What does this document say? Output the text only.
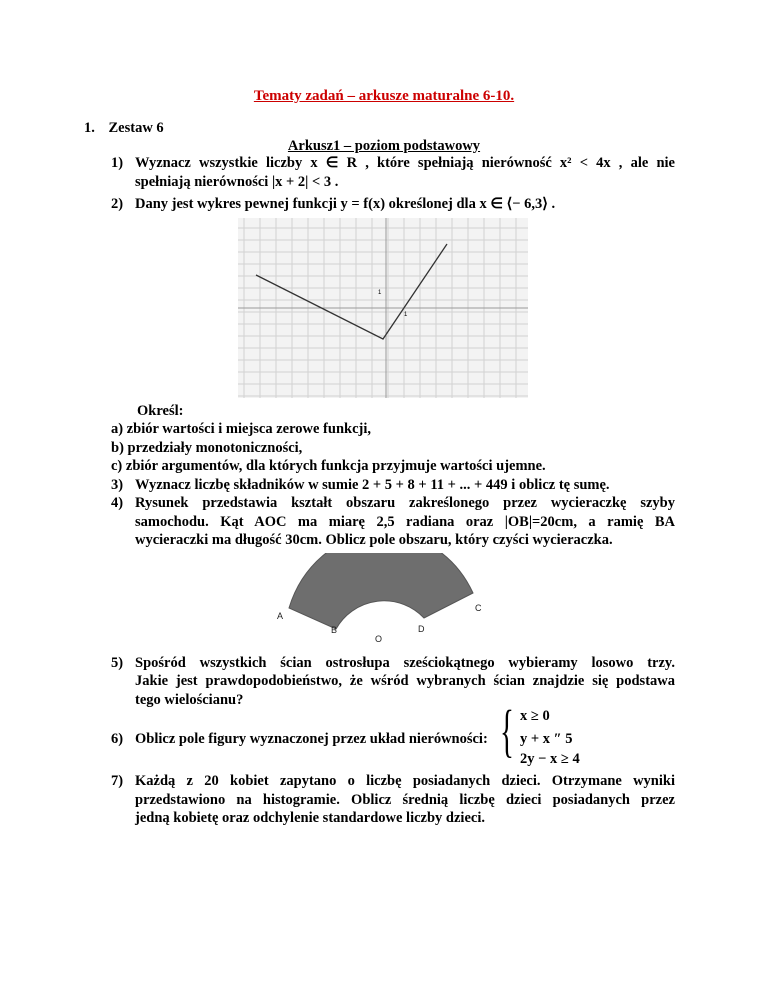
Tematy zadań – arkusze maturalne 6-10.
1. Zestaw 6
Arkusz1 – poziom podstawowy
1) Wyznacz wszystkie liczby x ∈ R , które spełniają nierówność x² < 4x , ale nie
spełniają nierówności |x + 2| < 3 .
2) Dany jest wykres pewnej funkcji y = f(x) określonej dla x ∈ ⟨− 6,3⟩ .
1
1
Określ:
a) zbiór wartości i miejsca zerowe funkcji,
b) przedziały monotoniczności,
c) zbiór argumentów, dla których funkcja przyjmuje wartości ujemne.
3) Wyznacz liczbę składników w sumie 2 + 5 + 8 + 11 + ... + 449 i oblicz tę sumę.
4) Rysunek przedstawia kształt obszaru zakreślonego przez wycieraczkę szyby
samochodu. Kąt AOC ma miarę 2,5 radiana oraz |OB|=20cm, a ramię BA
wycieraczki ma długość 30cm. Oblicz pole obszaru, który czyści wycieraczka.
A
B
C
D
O
5) Spośród wszystkich ścian ostrosłupa sześciokątnego wybieramy losowo trzy.
Jakie jest prawdopodobieństwo, że wśród wybranych ścian znajdzie się podstawa
tego wielościanu?
6) Oblicz pole figury wyznaczonej przez układ nierówności: { x ≥ 0
y + x ″ 5
2y − x ≥ 4
7) Każdą z 20 kobiet zapytano o liczbę posiadanych dzieci. Otrzymane wyniki
przedstawiono na histogramie. Oblicz średnią liczbę dzieci posiadanych przez
jedną kobietę oraz odchylenie standardowe liczby dzieci.
